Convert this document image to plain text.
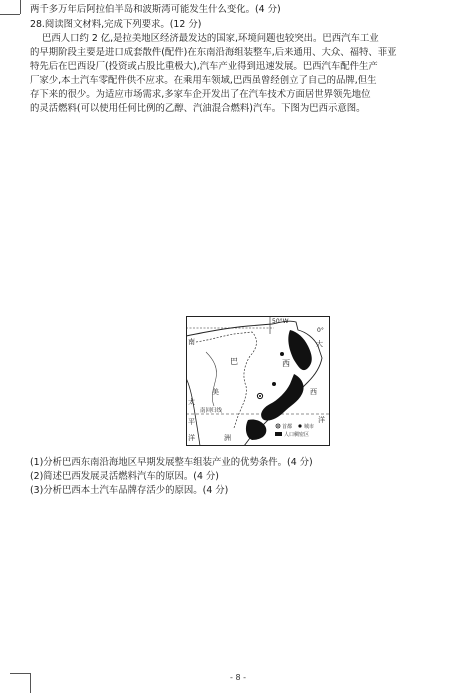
两千多万年后阿拉伯半岛和波斯湾可能发生什么变化。(4 分)
28.阅读图文材料,完成下列要求。(12 分)
巴西人口约 2 亿,是拉美地区经济最发达的国家,环境问题也较突出。巴西汽车工业
的早期阶段主要是进口成套散件(配件)在东南沿海组装整车,后来通用、大众、福特、菲亚
特先后在巴西设厂(投资或占股比重极大),汽车产业得到迅速发展。巴西汽车配件生产
厂家少,本土汽车零配件供不应求。在乘用车领域,巴西虽曾经创立了自己的品牌,但生
存下来的很少。为适应市场需求,多家车企开发出了在汽车技术方面居世界领先地位
的灵活燃料(可以使用任何比例的乙醇、汽油混合燃料)汽车。下图为巴西示意图。
50°W
0°
南
巴	西
大
美	西
太
南回归线
平
洋	洲
洋
首都 城市
人口稠密区
(1)分析巴西东南沿海地区早期发展整车组装产业的优势条件。(4 分)
(2)简述巴西发展灵活燃料汽车的原因。(4 分)
(3)分析巴西本土汽车品牌存活少的原因。(4 分)
- 8 -
